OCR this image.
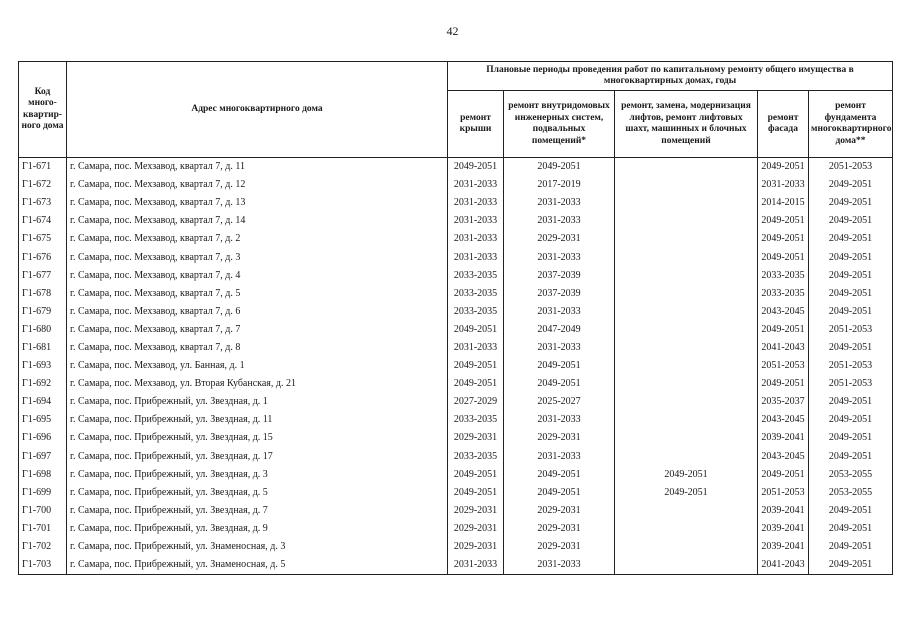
42
Код много-квартир-ного дома	Адрес многоквартирного дома	Плановые периоды проведения работ по капитальному ремонту общего имущества в многоквартирных домах, годы				
		ремонт крыши	ремонт внутридомовых инженерных систем, подвальных помещений*	ремонт, замена, модернизация лифтов, ремонт лифтовых шахт, машинных и блочных помещений	ремонт фасада	ремонт фундамента многоквартирного дома**
Г1-671	г. Самара, пос. Мехзавод, квартал 7, д. 11	2049-2051	2049-2051		2049-2051	2051-2053
Г1-672	г. Самара, пос. Мехзавод, квартал 7, д. 12	2031-2033	2017-2019		2031-2033	2049-2051
Г1-673	г. Самара, пос. Мехзавод, квартал 7, д. 13	2031-2033	2031-2033		2014-2015	2049-2051
Г1-674	г. Самара, пос. Мехзавод, квартал 7, д. 14	2031-2033	2031-2033		2049-2051	2049-2051
Г1-675	г. Самара, пос. Мехзавод, квартал 7, д. 2	2031-2033	2029-2031		2049-2051	2049-2051
Г1-676	г. Самара, пос. Мехзавод, квартал 7, д. 3	2031-2033	2031-2033		2049-2051	2049-2051
Г1-677	г. Самара, пос. Мехзавод, квартал 7, д. 4	2033-2035	2037-2039		2033-2035	2049-2051
Г1-678	г. Самара, пос. Мехзавод, квартал 7, д. 5	2033-2035	2037-2039		2033-2035	2049-2051
Г1-679	г. Самара, пос. Мехзавод, квартал 7, д. 6	2033-2035	2031-2033		2043-2045	2049-2051
Г1-680	г. Самара, пос. Мехзавод, квартал 7, д. 7	2049-2051	2047-2049		2049-2051	2051-2053
Г1-681	г. Самара, пос. Мехзавод, квартал 7, д. 8	2031-2033	2031-2033		2041-2043	2049-2051
Г1-693	г. Самара, пос. Мехзавод, ул. Банная, д. 1	2049-2051	2049-2051		2051-2053	2051-2053
Г1-692	г. Самара, пос. Мехзавод, ул. Вторая Кубанская, д. 21	2049-2051	2049-2051		2049-2051	2051-2053
Г1-694	г. Самара, пос. Прибрежный, ул. Звездная, д. 1	2027-2029	2025-2027		2035-2037	2049-2051
Г1-695	г. Самара, пос. Прибрежный, ул. Звездная, д. 11	2033-2035	2031-2033		2043-2045	2049-2051
Г1-696	г. Самара, пос. Прибрежный, ул. Звездная, д. 15	2029-2031	2029-2031		2039-2041	2049-2051
Г1-697	г. Самара, пос. Прибрежный, ул. Звездная, д. 17	2033-2035	2031-2033		2043-2045	2049-2051
Г1-698	г. Самара, пос. Прибрежный, ул. Звездная, д. 3	2049-2051	2049-2051	2049-2051	2049-2051	2053-2055
Г1-699	г. Самара, пос. Прибрежный, ул. Звездная, д. 5	2049-2051	2049-2051	2049-2051	2051-2053	2053-2055
Г1-700	г. Самара, пос. Прибрежный, ул. Звездная, д. 7	2029-2031	2029-2031		2039-2041	2049-2051
Г1-701	г. Самара, пос. Прибрежный, ул. Звездная, д. 9	2029-2031	2029-2031		2039-2041	2049-2051
Г1-702	г. Самара, пос. Прибрежный, ул. Знаменосная, д. 3	2029-2031	2029-2031		2039-2041	2049-2051
Г1-703	г. Самара, пос. Прибрежный, ул. Знаменосная, д. 5	2031-2033	2031-2033		2041-2043	2049-2051
